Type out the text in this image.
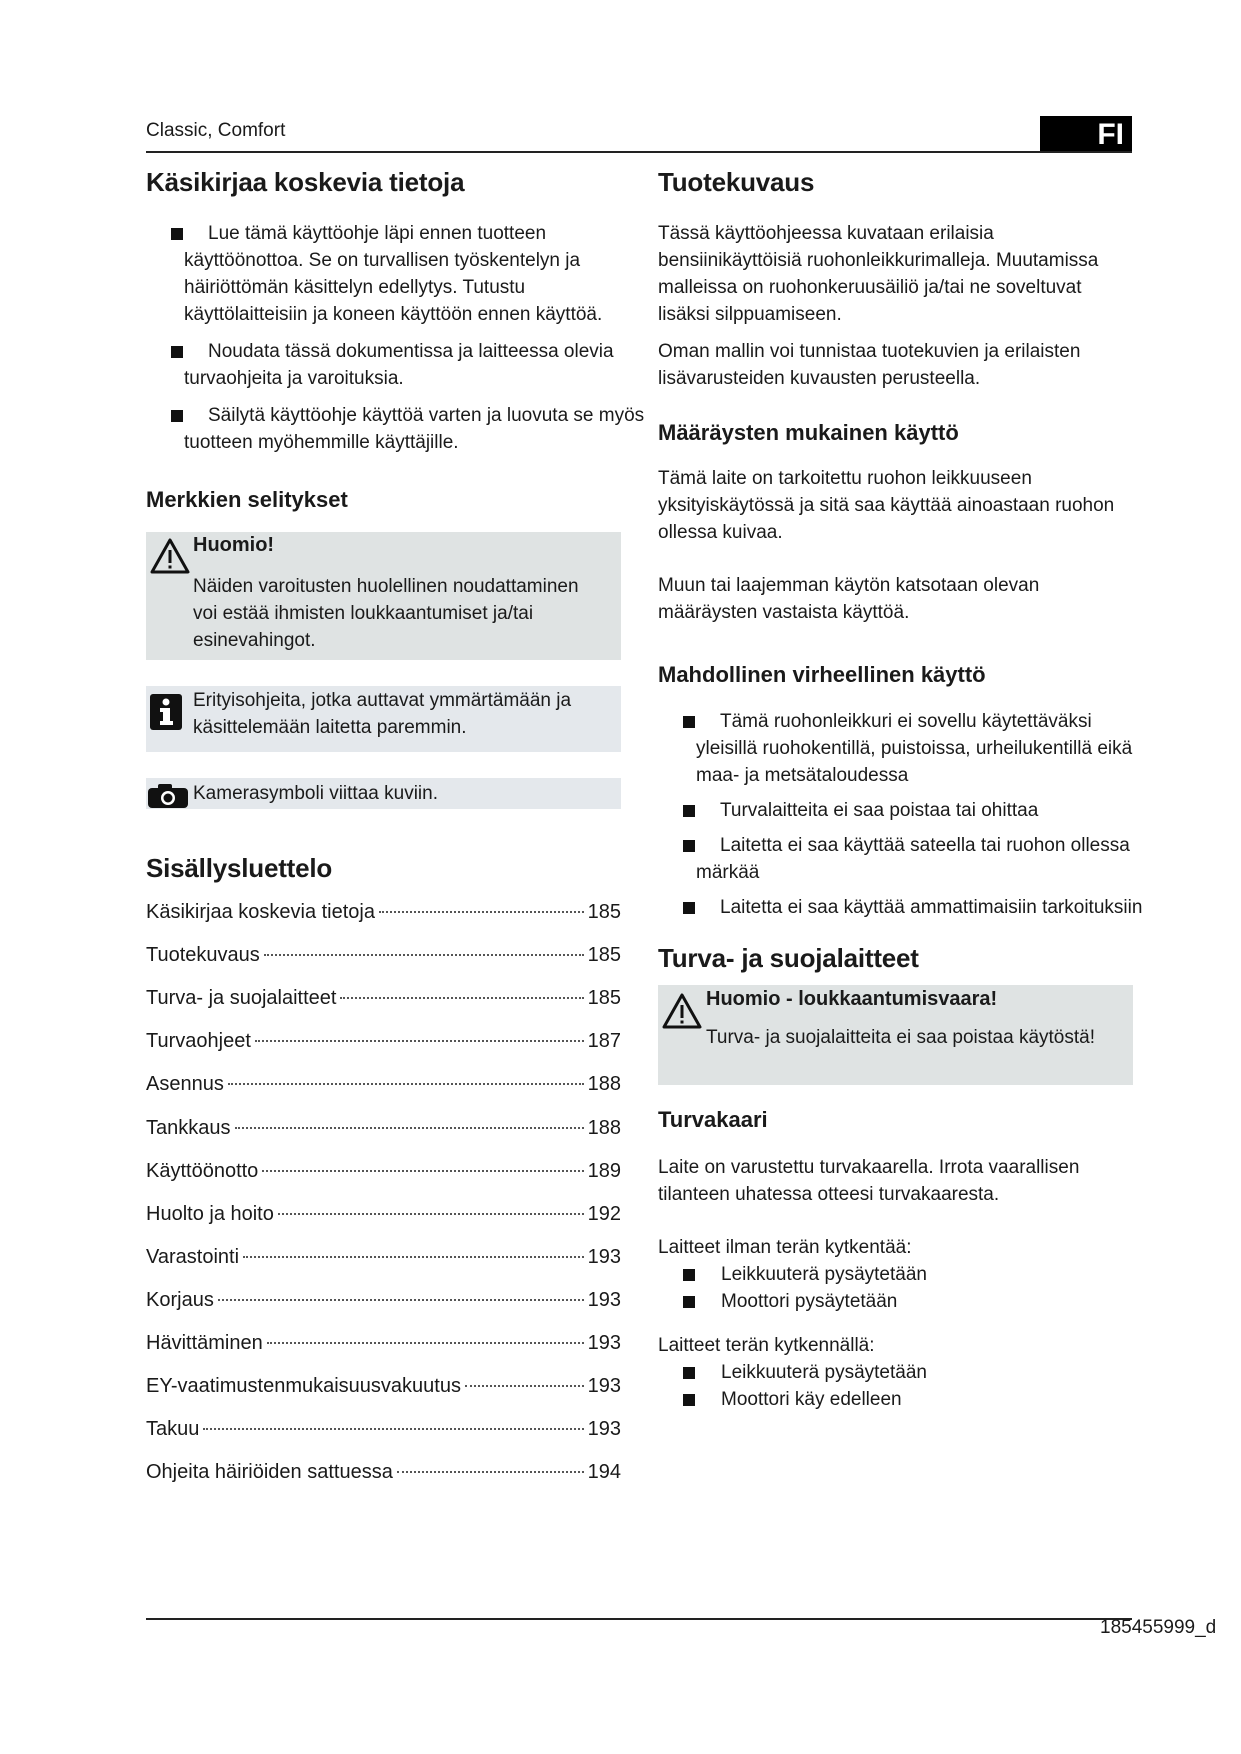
Classic, Comfort	FI
Käsikirjaa koskevia tietoja
Lue tämä käyttöohje läpi ennen tuotteen käyttöönottoa. Se on turvallisen työskentelyn ja häiriöttömän käsittelyn edellytys. Tutustu käyttölaitteisiin ja koneen käyttöön ennen käyttöä.
Noudata tässä dokumentissa ja laitteessa olevia turvaohjeita ja varoituksia.
Säilytä käyttöohje käyttöä varten ja luovuta se myös tuotteen myöhemmille käyttäjille.
Merkkien selitykset
Huomio!
Näiden varoitusten huolellinen noudattaminen voi estää ihmisten loukkaantumiset ja/tai esinevahingot.
Erityisohjeita, jotka auttavat ymmärtämään ja käsittelemään laitetta paremmin.
Kamerasymboli viittaa kuviin.
Sisällysluettelo
Käsikirjaa koskevia tietoja	185
Tuotekuvaus	185
Turva- ja suojalaitteet	185
Turvaohjeet	187
Asennus	188
Tankkaus	188
Käyttöönotto	189
Huolto ja hoito	192
Varastointi	193
Korjaus	193
Hävittäminen	193
EY-vaatimustenmukaisuusvakuutus	193
Takuu	193
Ohjeita häiriöiden sattuessa	194
Tuotekuvaus
Tässä käyttöohjeessa kuvataan erilaisia bensiinikäyttöisiä ruohonleikkurimalleja. Muutamissa malleissa on ruohonkeruusäiliö ja/tai ne soveltuvat lisäksi silppuamiseen.
Oman mallin voi tunnistaa tuotekuvien ja erilaisten lisävarusteiden kuvausten perusteella.
Määräysten mukainen käyttö
Tämä laite on tarkoitettu ruohon leikkuuseen yksityiskäytössä ja sitä saa käyttää ainoastaan ruohon ollessa kuivaa.
Muun tai laajemman käytön katsotaan olevan määräysten vastaista käyttöä.
Mahdollinen virheellinen käyttö
Tämä ruohonleikkuri ei sovellu käytettäväksi yleisillä ruohokentillä, puistoissa, urheilukentillä eikä maa- ja metsätaloudessa
Turvalaitteita ei saa poistaa tai ohittaa
Laitetta ei saa käyttää sateella tai ruohon ollessa märkää
Laitetta ei saa käyttää ammattimaisiin tarkoituksiin
Turva- ja suojalaitteet
Huomio - loukkaantumisvaara!
Turva- ja suojalaitteita ei saa poistaa käytöstä!
Turvakaari
Laite on varustettu turvakaarella. Irrota vaarallisen tilanteen uhatessa otteesi turvakaaresta.
Laitteet ilman terän kytkentää:
Leikkuuterä pysäytetään
Moottori pysäytetään
Laitteet terän kytkennällä:
Leikkuuterä pysäytetään
Moottori käy edelleen
185455999_d
